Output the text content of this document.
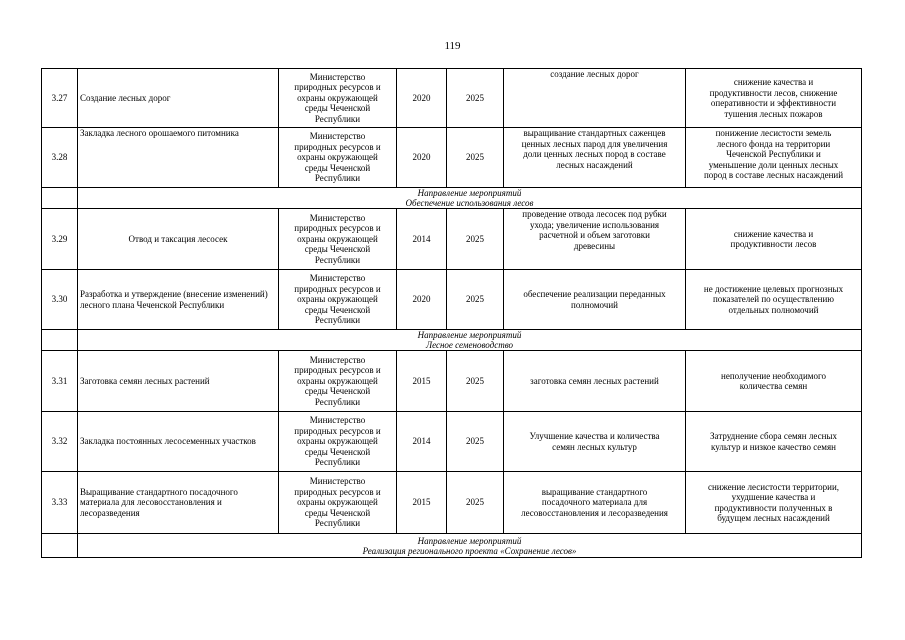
119
3.27	Создание лесных дорог	Министерство
природных ресурсов и
охраны окружающей
среды Чеченской
Республики	2020	2025	создание лесных дорог	снижение качества и
продуктивности лесов, снижение
оперативности и эффективности
тушения лесных пожаров
3.28	Закладка лесного орошаемого питомника	Министерство
природных ресурсов и
охраны окружающей
среды Чеченской
Республики	2020	2025	выращивание стандартных саженцев
ценных лесных парод для увеличения
доли ценных лесных пород в составе
лесных насаждений	понижение лесистости земель
лесного фонда на территории
Чеченской Республики и
уменьшение доли ценных лесных
пород в составе лесных насаждений
	Направление мероприятий
Обеспечение использования лесов					
3.29	Отвод и таксация лесосек	Министерство
природных ресурсов и
охраны окружающей
среды Чеченской
Республики	2014	2025	проведение отвода лесосек под рубки
ухода; увеличение использования
расчетной и объем заготовки
древесины	снижение качества и
продуктивности лесов
3.30	Разработка и утверждение (внесение изменений) лесного плана Чеченской Республики	Министерство
природных ресурсов и
охраны окружающей
среды Чеченской
Республики	2020	2025	обеспечение реализации переданных
полномочий	не достижение целевых прогнозных
показателей по осуществлению
отдельных полномочий
	Направление мероприятий
Лесное семеноводство					
3.31	Заготовка семян лесных растений	Министерство
природных ресурсов и
охраны окружающей
среды Чеченской
Республики	2015	2025	заготовка семян лесных растений	неполучение необходимого
количества семян
3.32	Закладка постоянных лесосеменных участков	Министерство
природных ресурсов и
охраны окружающей
среды Чеченской
Республики	2014	2025	Улучшение качества и количества
семян лесных культур	Затруднение сбора семян лесных
культур и низкое качество семян
3.33	Выращивание стандартного посадочного материала для лесовосстановления и лесоразведения	Министерство
природных ресурсов и
охраны окружающей
среды Чеченской
Республики	2015	2025	выращивание стандартного
посадочного материала для
лесовосстановления и лесоразведения	снижение лесистости территории,
ухудшение качества и
продуктивности полученных в
будущем лесных насаждений
	Направление мероприятий
Реализация регионального проекта «Сохранение лесов»					
